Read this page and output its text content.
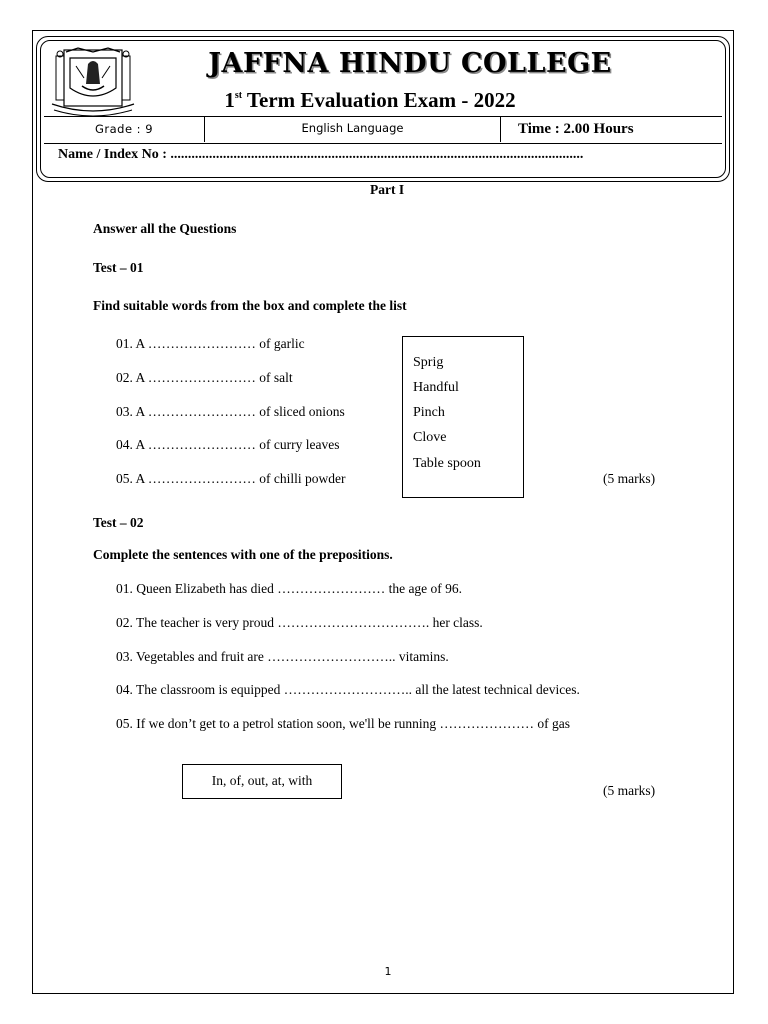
JAFFNA HINDU COLLEGE
1st Term Evaluation Exam - 2022
Grade : 9	English Language	Time : 2.00 Hours
Name / Index No : ......................................................................................................................
Part I
Answer all the Questions
Test – 01
Find suitable words from the box and complete the list
01. A …………………… of garlic
02. A …………………… of salt
03. A …………………… of sliced onions
04. A …………………… of curry leaves
05. A …………………… of chilli powder
Sprig
Handful
Pinch
Clove
Table spoon
(5 marks)
Test – 02
Complete the sentences with one of the prepositions.
01. Queen Elizabeth has died …………………… the age of 96.
02. The teacher is very proud ……………………………. her class.
03. Vegetables and fruit are ……………………….. vitamins.
04. The classroom is equipped ……………………….. all the latest technical devices.
05. If we don’t get to a petrol station soon, we'll be running ………………… of gas
In, of, out, at, with
(5 marks)
1
